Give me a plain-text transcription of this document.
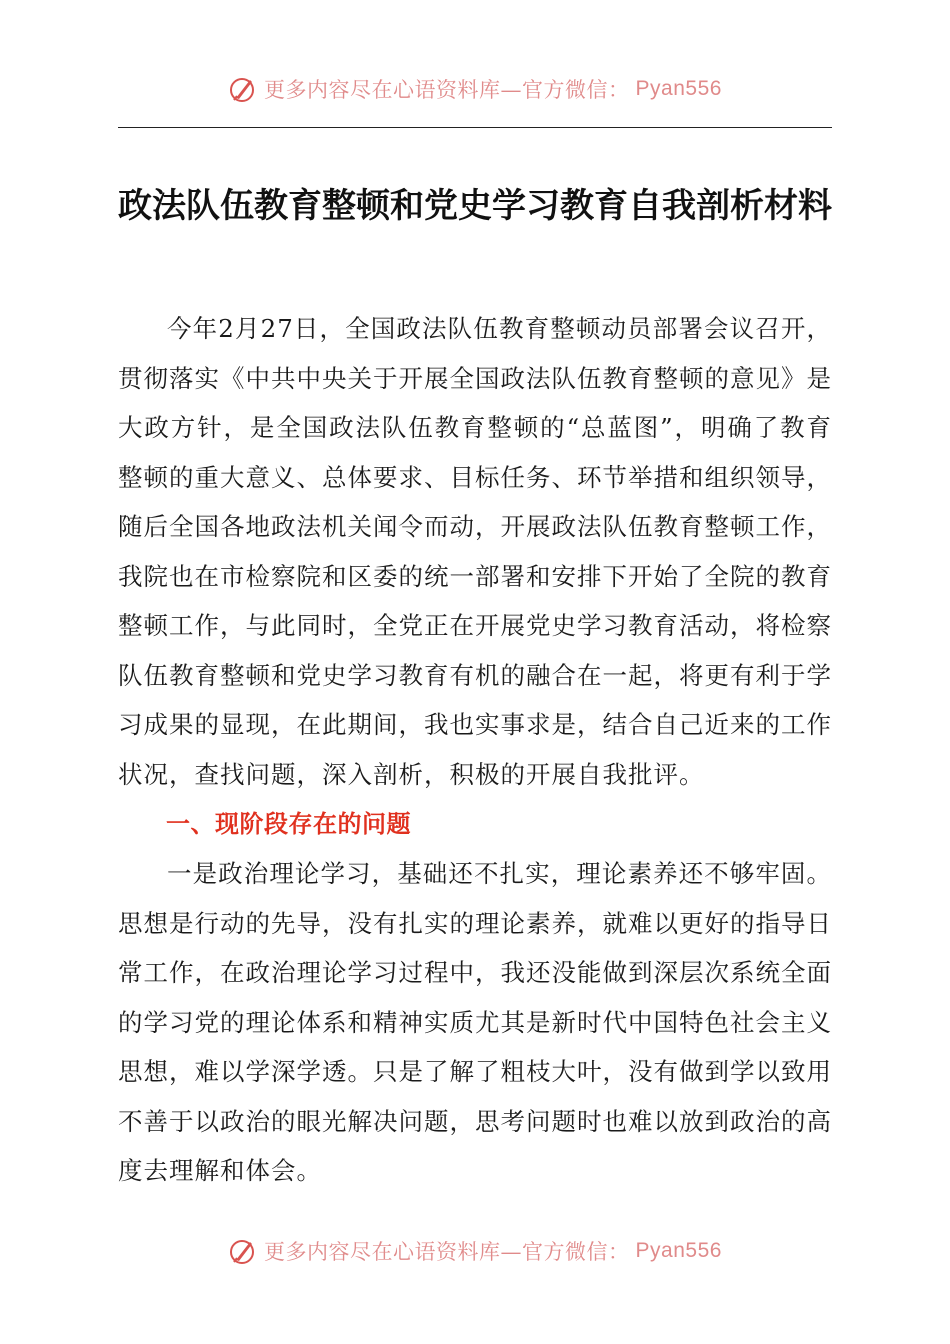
更多内容尽在心语资料库—官方微信： Pyan556
政法队伍教育整顿和党史学习教育自我剖析材料

今年2月27日，全国政法队伍教育整顿动员部署会议召开，贯彻落实《中共中央关于开展全国政法队伍教育整顿的意见》是大政方针，是全国政法队伍教育整顿的“总蓝图”，明确了教育整顿的重大意义、总体要求、目标任务、环节举措和组织领导，随后全国各地政法机关闻令而动，开展政法队伍教育整顿工作，我院也在市检察院和区委的统一部署和安排下开始了全院的教育整顿工作，与此同时，全党正在开展党史学习教育活动，将检察队伍教育整顿和党史学习教育有机的融合在一起，将更有利于学习成果的显现，在此期间，我也实事求是，结合自己近来的工作状况，查找问题，深入剖析，积极的开展自我批评。

一、现阶段存在的问题

一是政治理论学习，基础还不扎实，理论素养还不够牢固。思想是行动的先导，没有扎实的理论素养，就难以更好的指导日常工作，在政治理论学习过程中，我还没能做到深层次系统全面的学习党的理论体系和精神实质尤其是新时代中国特色社会主义思想，难以学深学透。只是了解了粗枝大叶，没有做到学以致用不善于以政治的眼光解决问题，思考问题时也难以放到政治的高度去理解和体会。

更多内容尽在心语资料库—官方微信： Pyan556
